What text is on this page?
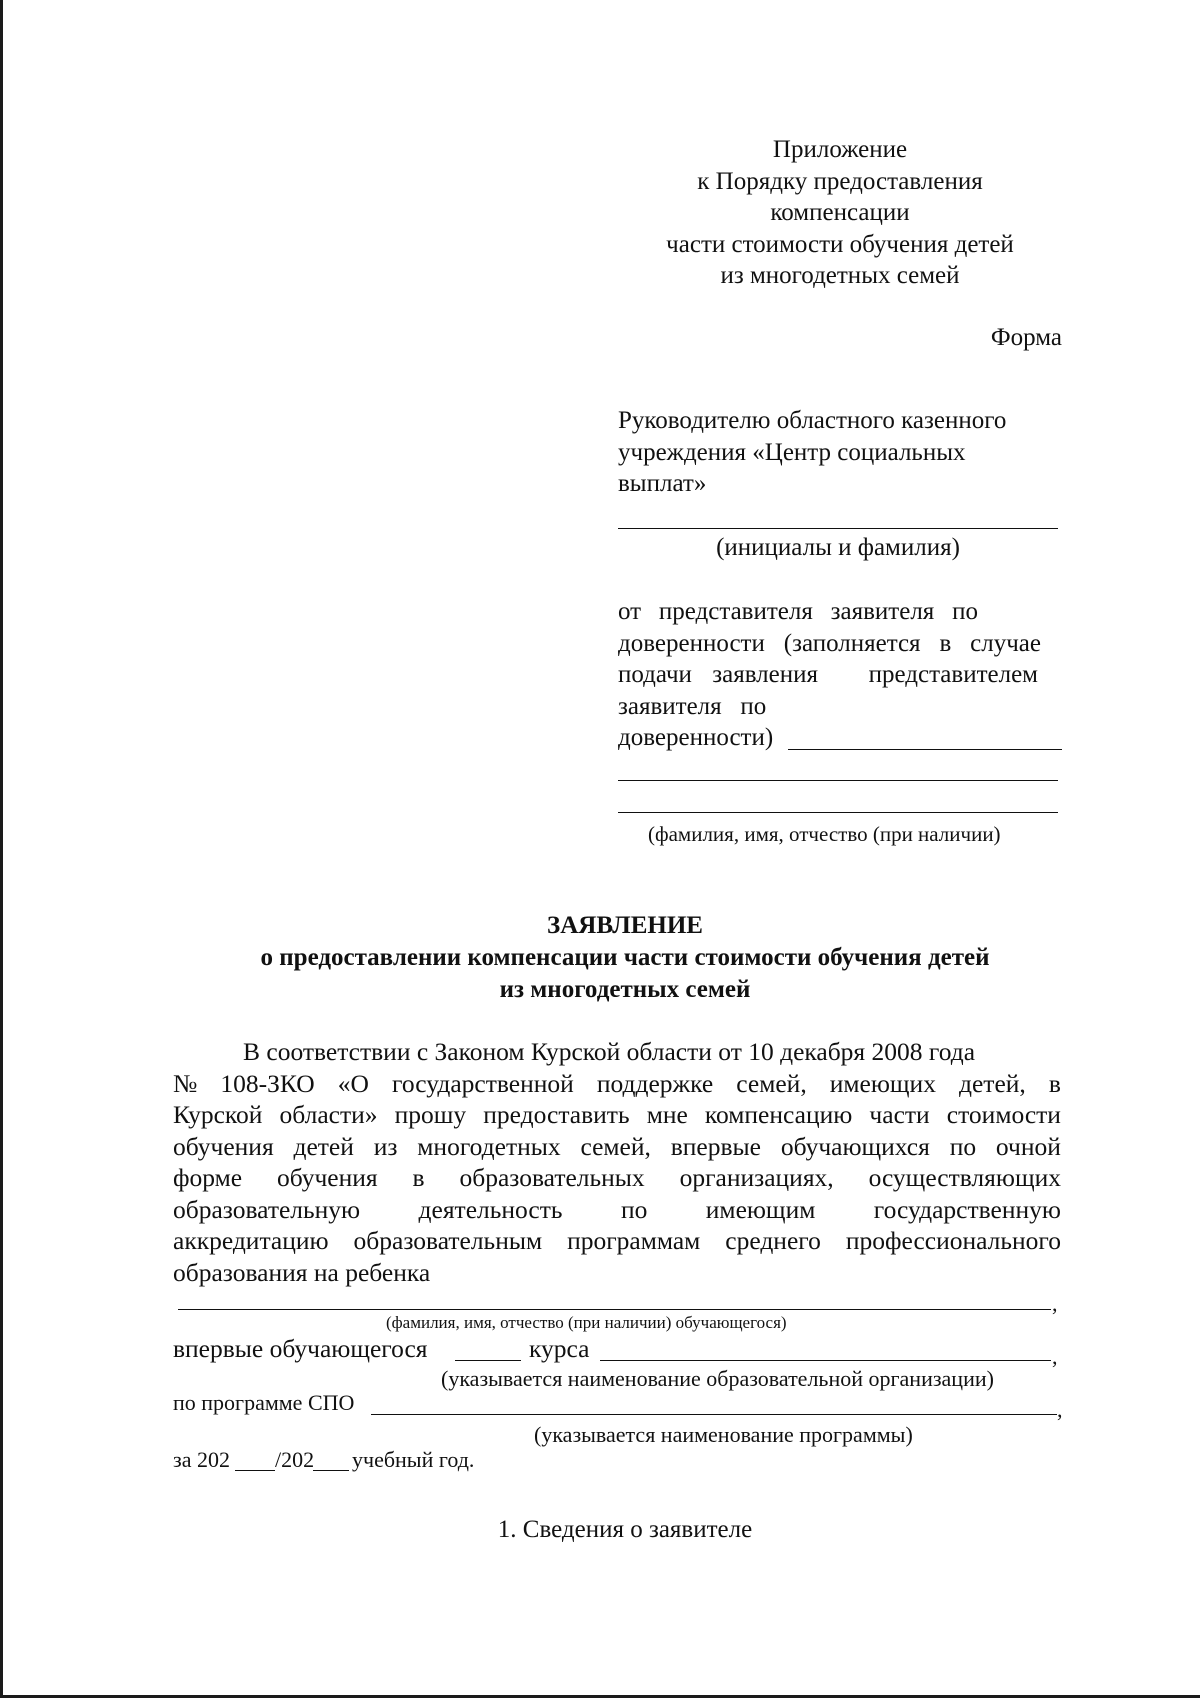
Приложение
к Порядку предоставления
компенсации
части стоимости обучения детей
из многодетных семей
Форма
Руководителю областного казенного
учреждения «Центр социальных
выплат»
(инициалы и фамилия)
от представителя заявителя по
доверенности (заполняется в случае
подачи заявления представителем
заявителя   по
доверенности)
(фамилия, имя, отчество (при наличии)
ЗАЯВЛЕНИЕ
о предоставлении компенсации части стоимости обучения детей
из многодетных семей
В соответствии с Законом Курской области от 10 декабря 2008 года
№ 108-ЗКО «О государственной поддержке семей, имеющих детей, в
Курской области» прошу предоставить мне компенсацию части стоимости
обучения детей из многодетных семей, впервые обучающихся по очной
форме обучения в образовательных организациях, осуществляющих
образовательную деятельность по имеющим государственную
аккредитацию образовательным программам среднего профессионального
образования на ребенка
,
(фамилия, имя, отчество (при наличии) обучающегося)
впервые обучающегося	курса	,
(указывается наименование образовательной организации)
по программе СПО	,
(указывается наименование программы)
за 202 /202 учебный год.
1. Сведения о заявителе
